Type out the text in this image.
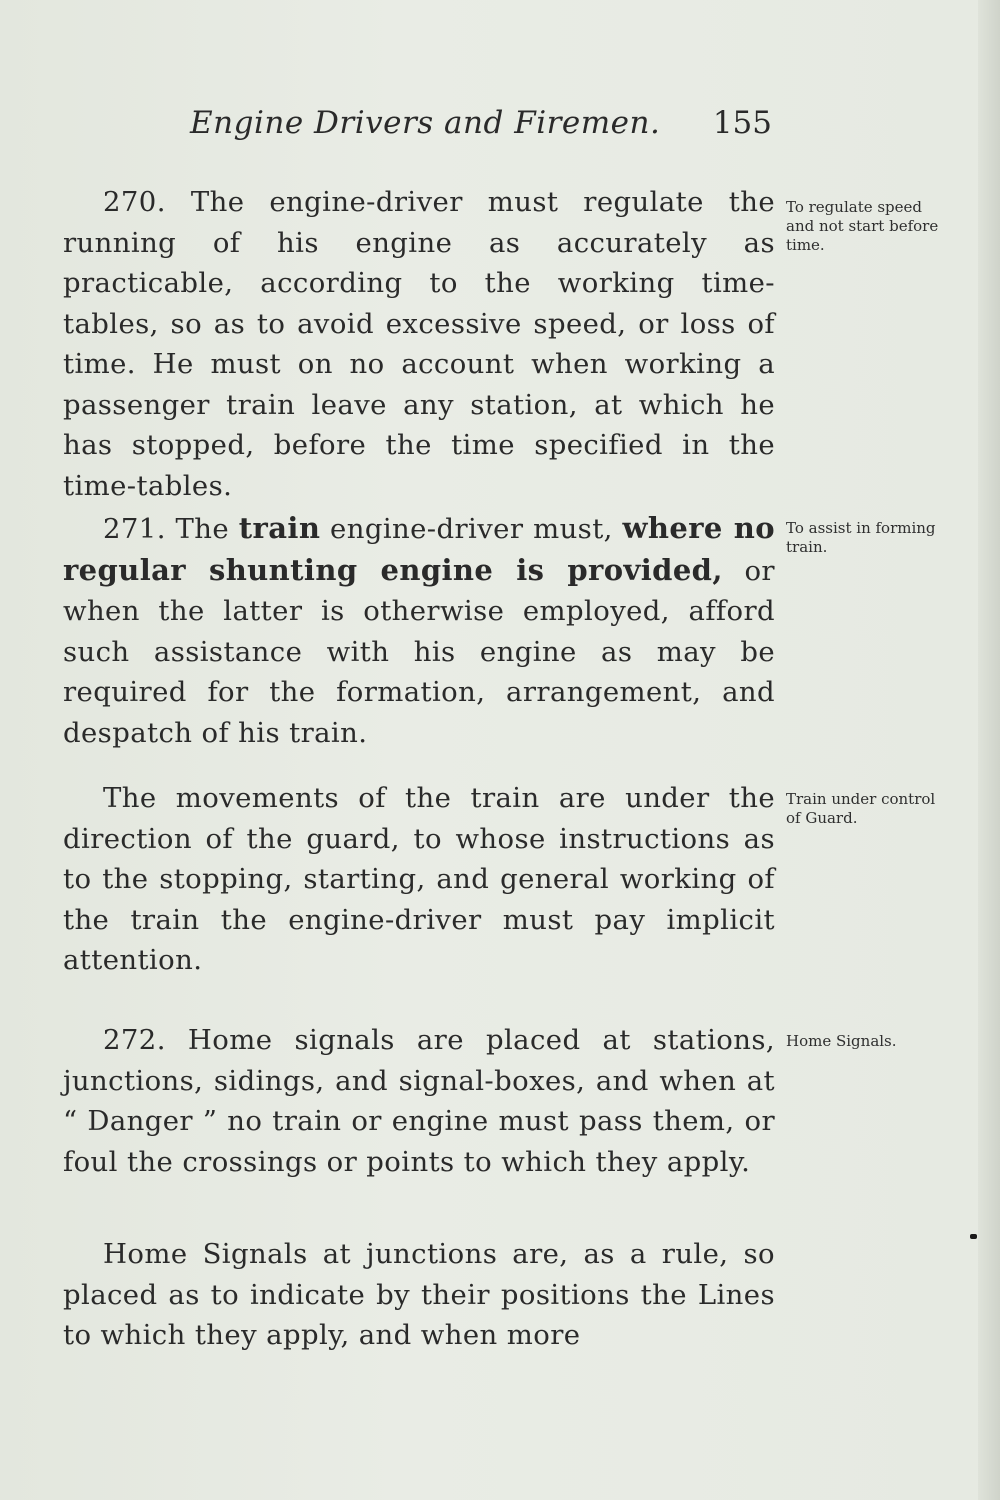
Engine Drivers and Firemen. 155

270. The engine-driver must regulate the running of his engine as accurately as practicable, according to the working time-tables, so as to avoid excessive speed, or loss of time. He must on no account when working a passenger train leave any station, at which he has stopped, before the time specified in the time-tables.

To regulate speed and not start before time.

271. The train engine-driver must, where no regular shunting engine is provided, or when the latter is otherwise employed, afford such assistance with his engine as may be required for the formation, arrangement, and despatch of his train.

To assist in forming train.

The movements of the train are under the direction of the guard, to whose instructions as to the stopping, starting, and general working of the train the engine-driver must pay implicit attention.

Train under control of Guard.

272. Home signals are placed at stations, junctions, sidings, and signal-boxes, and when at “ Danger ” no train or engine must pass them, or foul the crossings or points to which they apply.

Home Signals.

Home Signals at junctions are, as a rule, so placed as to indicate by their positions the Lines to which they apply, and when more
